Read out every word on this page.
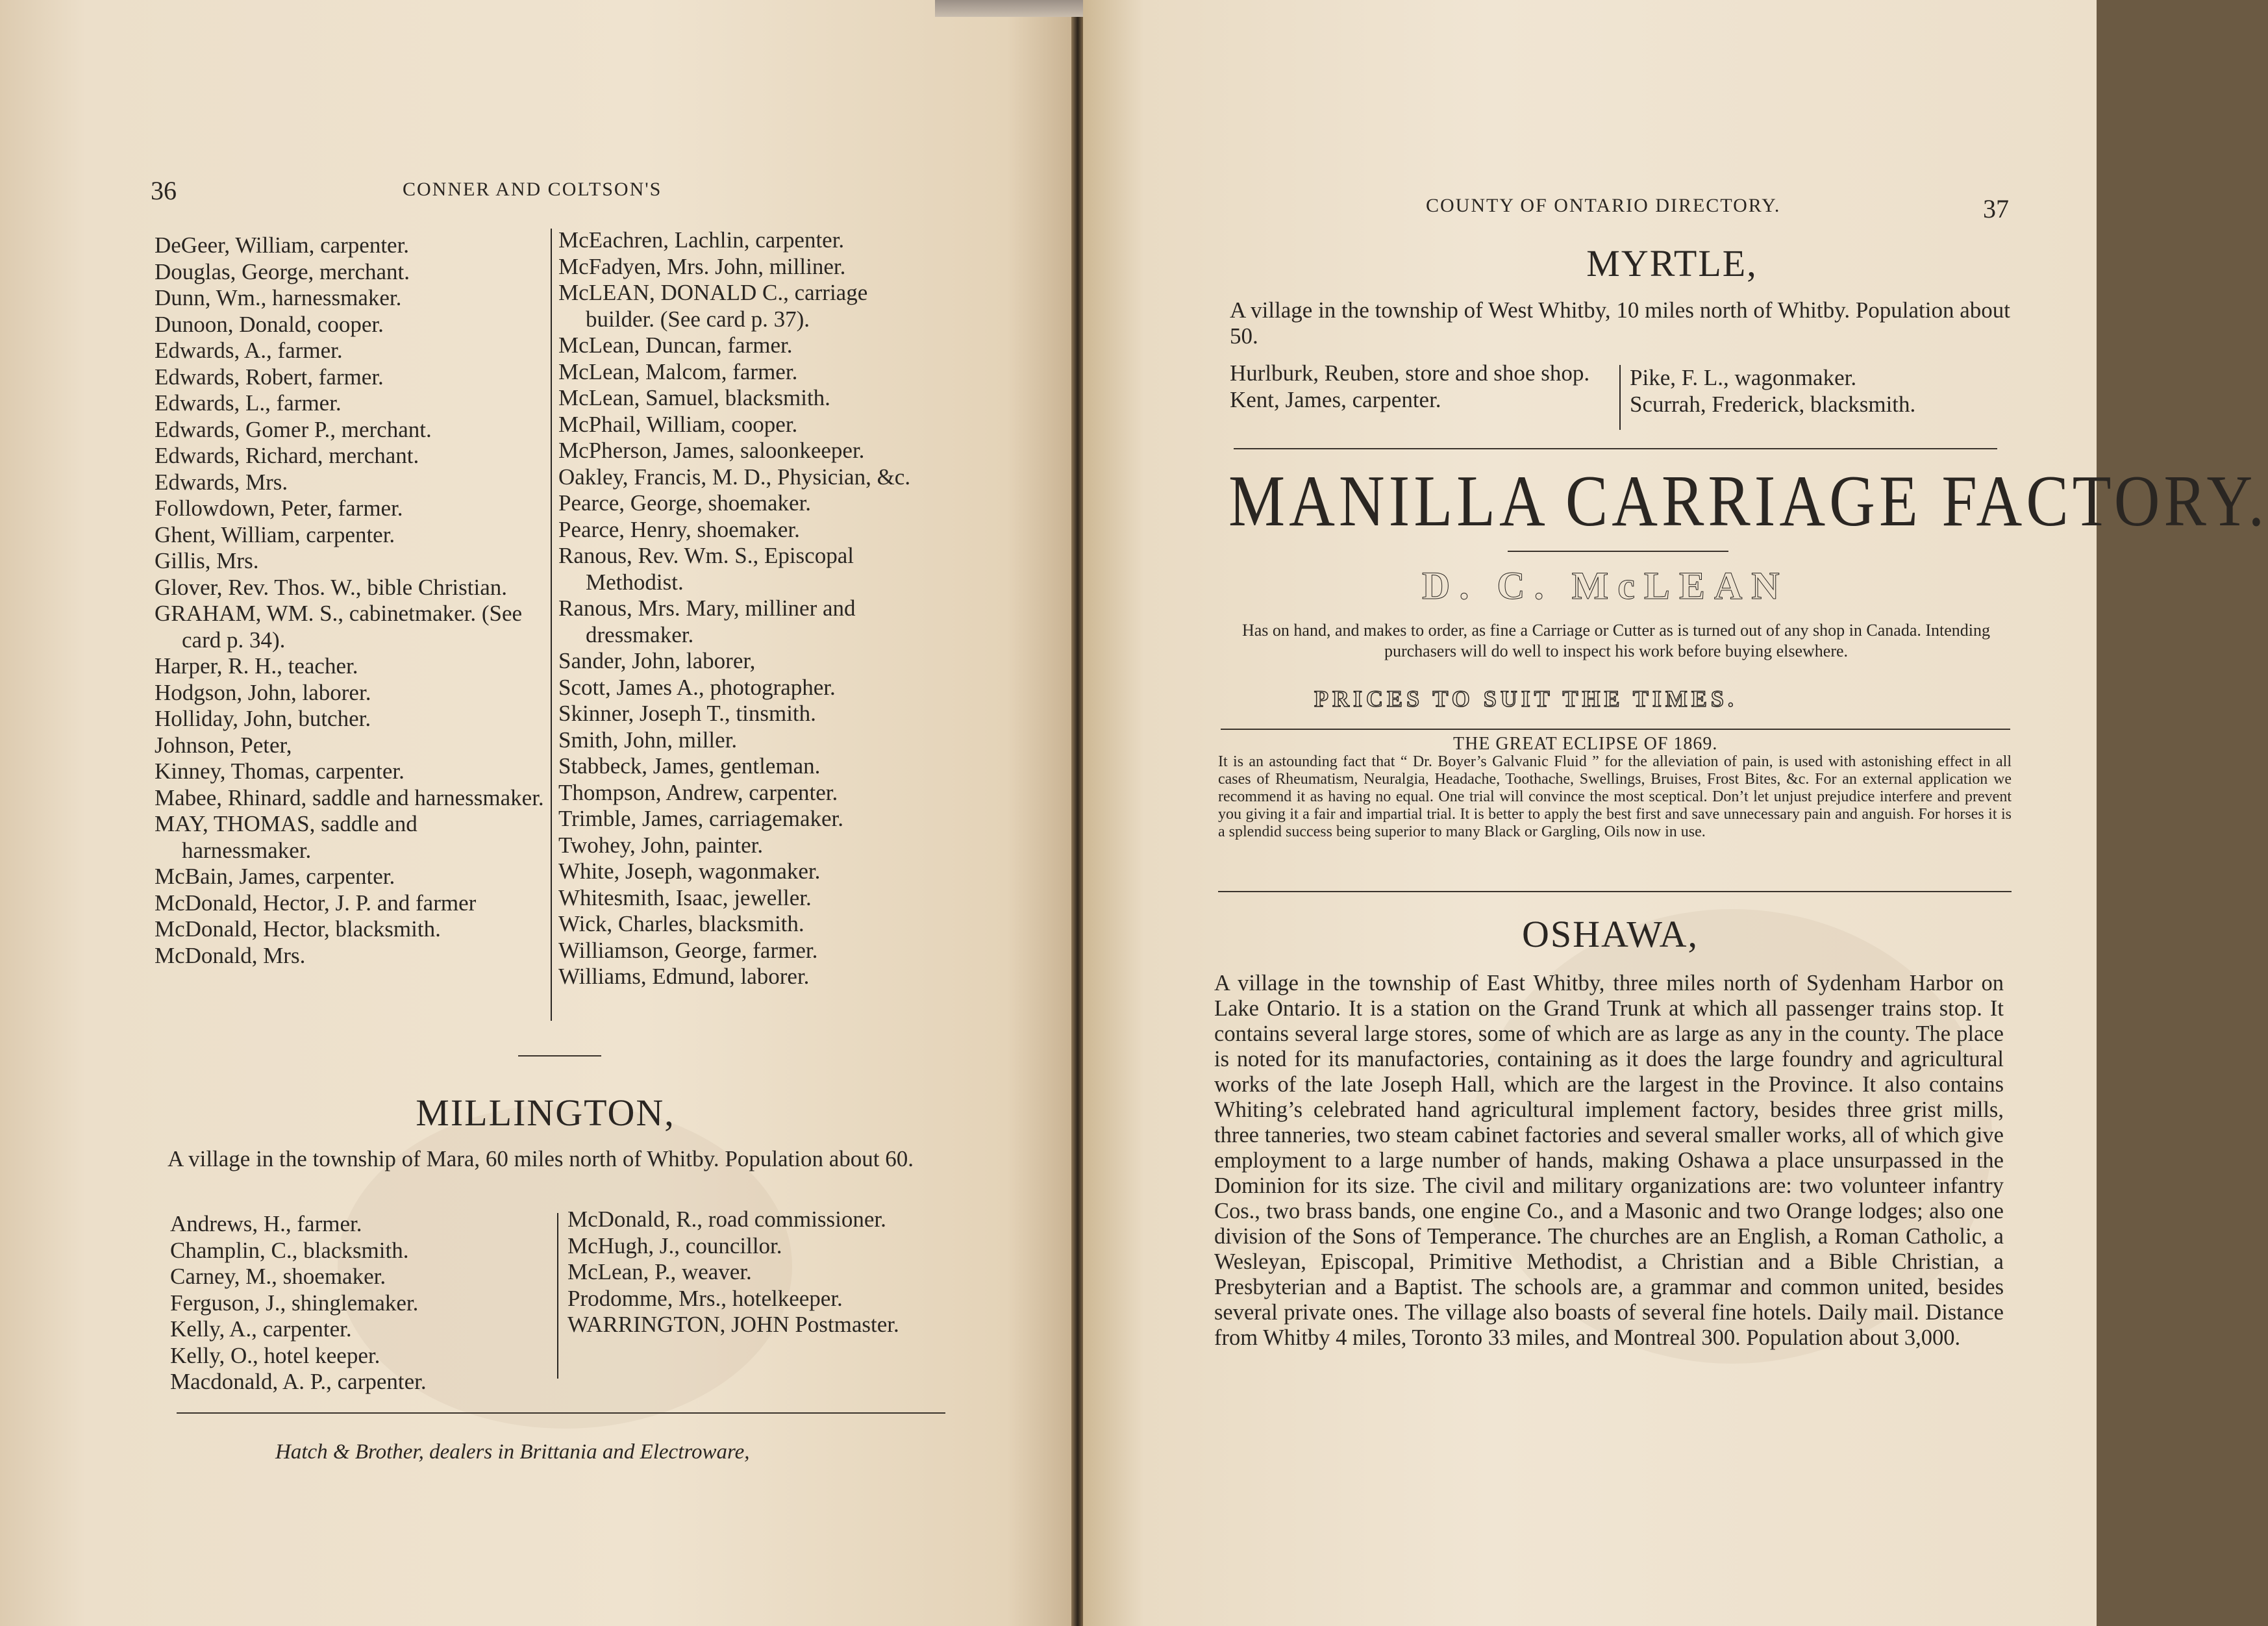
36	CONNER AND COLTSON'S
DeGeer, William, carpenter.
Douglas, George, merchant.
Dunn, Wm., harnessmaker.
Dunoon, Donald, cooper.
Edwards, A., farmer.
Edwards, Robert, farmer.
Edwards, L., farmer.
Edwards, Gomer P., merchant.
Edwards, Richard, merchant.
Edwards, Mrs.
Followdown, Peter, farmer.
Ghent, William, carpenter.
Gillis, Mrs.
Glover, Rev. Thos. W., bible Christian.
GRAHAM, WM. S., cabinetmaker. (See card p. 34).
Harper, R. H., teacher.
Hodgson, John, laborer.
Holliday, John, butcher.
Johnson, Peter,
Kinney, Thomas, carpenter.
Mabee, Rhinard, saddle and harnessmaker.
MAY, THOMAS, saddle and harnessmaker.
McBain, James, carpenter.
McDonald, Hector, J. P. and farmer
McDonald, Hector, blacksmith.
McDonald, Mrs.
McEachren, Lachlin, carpenter.
McFadyen, Mrs. John, milliner.
McLEAN, DONALD C., carriage builder. (See card p. 37).
McLean, Duncan, farmer.
McLean, Malcom, farmer.
McLean, Samuel, blacksmith.
McPhail, William, cooper.
McPherson, James, saloonkeeper.
Oakley, Francis, M. D., Physician, &c.
Pearce, George, shoemaker.
Pearce, Henry, shoemaker.
Ranous, Rev. Wm. S., Episcopal Methodist.
Ranous, Mrs. Mary, milliner and dressmaker.
Sander, John, laborer,
Scott, James A., photographer.
Skinner, Joseph T., tinsmith.
Smith, John, miller.
Stabbeck, James, gentleman.
Thompson, Andrew, carpenter.
Trimble, James, carriagemaker.
Twohey, John, painter.
White, Joseph, wagonmaker.
Whitesmith, Isaac, jeweller.
Wick, Charles, blacksmith.
Williamson, George, farmer.
Williams, Edmund, laborer.
MILLINGTON,
A village in the township of Mara, 60 miles north of Whitby. Population about 60.
Andrews, H., farmer.
Champlin, C., blacksmith.
Carney, M., shoemaker.
Ferguson, J., shinglemaker.
Kelly, A., carpenter.
Kelly, O., hotel keeper.
Macdonald, A. P., carpenter.
McDonald, R., road commissioner.
McHugh, J., councillor.
McLean, P., weaver.
Prodomme, Mrs., hotelkeeper.
WARRINGTON, JOHN Postmaster.
Hatch & Brother, dealers in Brittania and Electroware,
COUNTY OF ONTARIO DIRECTORY.	37
MYRTLE,
A village in the township of West Whitby, 10 miles north of Whitby. Population about 50.
Hurlburk, Reuben, store and shoe shop.
Kent, James, carpenter.
Pike, F. L., wagonmaker.
Scurrah, Frederick, blacksmith.
MANILLA CARRIAGE FACTORY.
D. C. McLEAN
Has on hand, and makes to order, as fine a Carriage or Cutter as is turned out of any shop in Canada. Intending purchasers will do well to inspect his work before buying elsewhere.
PRICES TO SUIT THE TIMES.
THE GREAT ECLIPSE OF 1869.
It is an astounding fact that “ Dr. Boyer’s Galvanic Fluid ” for the alleviation of pain, is used with astonishing effect in all cases of Rheumatism, Neuralgia, Headache, Toothache, Swellings, Bruises, Frost Bites, &c. For an external application we recommend it as having no equal. One trial will convince the most sceptical. Don’t let unjust prejudice interfere and prevent you giving it a fair and impartial trial. It is better to apply the best first and save unnecessary pain and anguish. For horses it is a splendid success being superior to many Black or Gargling, Oils now in use.
OSHAWA,
A village in the township of East Whitby, three miles north of Sydenham Harbor on Lake Ontario. It is a station on the Grand Trunk at which all passenger trains stop. It contains several large stores, some of which are as large as any in the county. The place is noted for its manufactories, containing as it does the large foundry and agricultural works of the late Joseph Hall, which are the largest in the Province. It also contains Whiting’s celebrated hand agricultural implement factory, besides three grist mills, three tanneries, two steam cabinet factories and several smaller works, all of which give employment to a large number of hands, making Oshawa a place unsurpassed in the Dominion for its size. The civil and military organizations are: two volunteer infantry Cos., two brass bands, one engine Co., and a Masonic and two Orange lodges; also one division of the Sons of Temperance. The churches are an English, a Roman Catholic, a Wesleyan, Episcopal, Primitive Methodist, a Christian and a Bible Christian, a Presbyterian and a Baptist. The schools are, a grammar and common united, besides several private ones. The village also boasts of several fine hotels. Daily mail. Distance from Whitby 4 miles, Toronto 33 miles, and Montreal 300. Population about 3,000.
